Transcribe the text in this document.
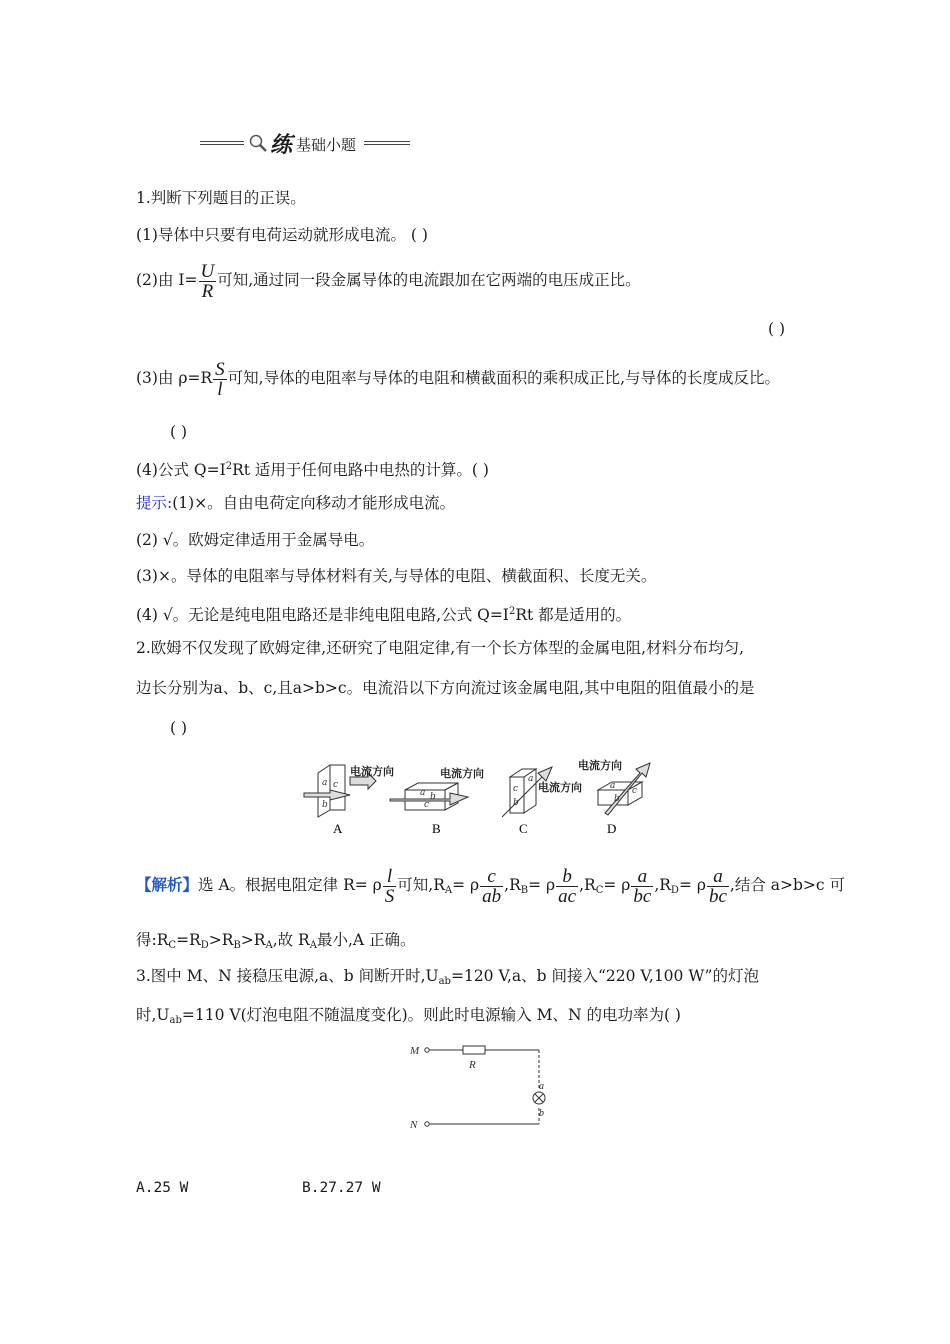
练 基础小题
1.判断下列题目的正误。
(1)导体中只要有电荷运动就形成电流。 ( )
(2)由 $I= \frac{U}{R}$ 可知,通过同一段金属导体的电流跟加在它两端的电压成正比。
( )
(3)由 $\rho=R \frac{S}{l}$ 可知,导体的电阻率与导体的电阻和横截面积的乘积成正比,与导体的长度成反比。
( )
(4)公式 $Q=I^2Rt$ 适用于任何电路中电热的计算。( )
提示:(1)×。自由电荷定向移动才能形成电流。
(2) √。欧姆定律适用于金属导电。
(3)×。导体的电阻率与导体材料有关,与导体的电阻、横截面积、长度无关。
(4) √。无论是纯电阻电路还是非纯电阻电路,公式 $Q=I^2Rt$ 都是适用的。
2.欧姆不仅发现了欧姆定律,还研究了电阻定律,有一个长方体型的金属电阻,材料分布均匀,
边长分别为a、b、c,且a>b>c。电流沿以下方向流过该金属电阻,其中电阻的阻值最小的是
( )
c
a
b
电流方向
a b
c
电流方向
c
b
a
电流方向	a
b
c
电流方向
A	B	C	D
【解析】选 A。根据电阻定律 R= ρ $\frac{l}{S}$ 可知$,R_A= \rho \frac{c}{ab} ,R_B= \rho \frac{b}{ac} ,R_C= \rho \frac{a}{bc} ,R_D= \rho \frac{a}{bc}$ ,结合 a>b>c 可
得$:R_C=R_D>R_B>R_A$,故 $R_A$最小,A 正确。
3.图中 M、N 接稳压电源,a、b 间断开时$,U_{ab}=120$ V,a、b 间接入“220 V,100 W”的灯泡
时$,U_{ab}=110$ V(灯泡电阻不随温度变化)。则此时电源输入 M、N 的电功率为( )
M
N
R
a
b
A.25 W	B.27.27 W
